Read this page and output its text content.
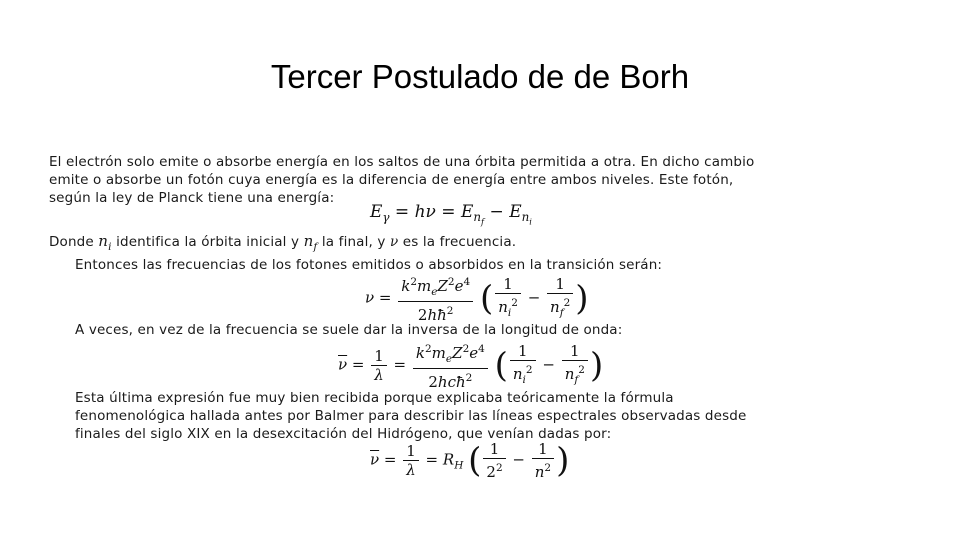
Tercer Postulado de de Borh
El electrón solo emite o absorbe energía en los saltos de una órbita permitida a otra. En dicho cambio
emite o absorbe un fotón cuya energía es la diferencia de energía entre ambos niveles. Este fotón,
según la ley de Planck tiene una energía:
$E_\gamma = h\nu = E_{n_f} - E_{n_i}$
Donde $n_i$ identifica la órbita inicial y $n_f$ la final, y ν es la frecuencia.
Entonces las frecuencias de los fotones emitidos o absorbidos en la transición serán:
$\nu = \frac{k^2m_eZ^2e^4}{2hħ^2}$ ( $\frac{1}{n_i^2} - \frac{1}{n_f^2}$ )
A veces, en vez de la frecuencia se suele dar la inversa de la longitud de onda:
$\overline{\nu} = \frac{1}{\lambda} = \frac{k^2m_eZ^2e^4}{2hcħ^2}$ ( $\frac{1}{n_i^2} - \frac{1}{n_f^2}$ )
Esta última expresión fue muy bien recibida porque explicaba teóricamente la fórmula
fenomenológica hallada antes por Balmer para describir las líneas espectrales observadas desde
finales del siglo XIX en la desexcitación del Hidrógeno, que venían dadas por:
$\overline{\nu} = \frac{1}{\lambda} = R_H$ ( $\frac{1}{2^2} - \frac{1}{n^2}$ )
